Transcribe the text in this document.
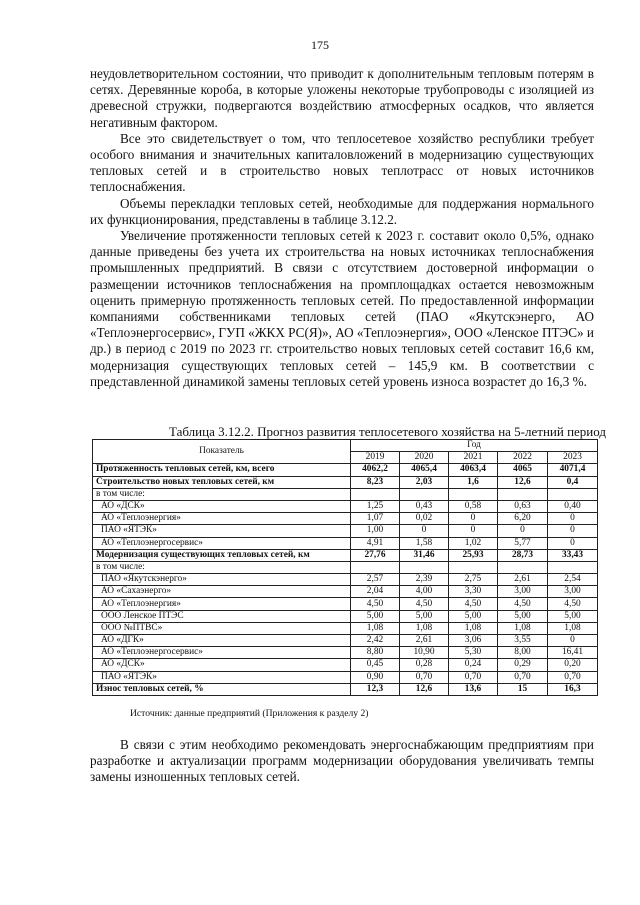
175

неудовлетворительном состоянии, что приводит к дополнительным тепловым потерям в сетях. Деревянные короба, в которые уложены некоторые трубопроводы с изоляцией из древесной стружки, подвергаются воздействию атмосферных осадков, что является негативным фактором.

Все это свидетельствует о том, что теплосетевое хозяйство республики требует особого внимания и значительных капиталовложений в модернизацию существующих тепловых сетей и в строительство новых теплотрасс от новых источников теплоснабжения.

Объемы перекладки тепловых сетей, необходимые для поддержания нормального их функционирования, представлены в таблице 3.12.2.

Увеличение протяженности тепловых сетей к 2023 г. составит около 0,5%, однако данные приведены без учета их строительства на новых источниках теплоснабжения промышленных предприятий. В связи с отсутствием достоверной информации о размещении источников теплоснабжения на промплощадках остается невозможным оценить примерную протяженность тепловых сетей. По предоставленной информации компаниями собственниками тепловых сетей (ПАО «Якутскэнерго, АО «Теплоэнергосервис», ГУП «ЖКХ РС(Я)», АО «Теплоэнергия», ООО «Ленское ПТЭС» и др.) в период с 2019 по 2023 гг. строительство новых тепловых сетей составит 16,6 км, модернизация существующих тепловых сетей – 145,9 км. В соответствии с представленной динамикой замены тепловых сетей уровень износа возрастет до 16,3 %.

Таблица 3.12.2. Прогноз развития теплосетевого хозяйства на 5-летний период
Показатель	Год				
	2019	2020	2021	2022	2023
Протяженность тепловых сетей, км, всего	4062,2	4065,4	4063,4	4065	4071,4
Строительство новых тепловых сетей, км	8,23	2,03	1,6	12,6	0,4
в том числе:					
АО «ДСК»	1,25	0,43	0,58	0,63	0,40
АО «Теплоэнергия»	1,07	0,02	0	6,20	0
ПАО «ЯТЭК»	1,00	0	0	0	0
АО «Теплоэнергосервис»	4,91	1,58	1,02	5,77	0
Модернизация существующих тепловых сетей, км	27,76	31,46	25,93	28,73	33,43
в том числе:					
ПАО «Якутскэнерго»	2,57	2,39	2,75	2,61	2,54
АО «Сахаэнерго»	2,04	4,00	3,30	3,00	3,00
АО «Теплоэнергия»	4,50	4,50	4,50	4,50	4,50
ООО Ленское ПТЭС	5,00	5,00	5,00	5,00	5,00
ООО №ПТВС»	1,08	1,08	1,08	1,08	1,08
АО «ДГК»	2,42	2,61	3,06	3,55	0
АО «Теплоэнергосервис»	8,80	10,90	5,30	8,00	16,41
АО «ДСК»	0,45	0,28	0,24	0,29	0,20
ПАО «ЯТЭК»	0,90	0,70	0,70	0,70	0,70
Износ тепловых сетей, %	12,3	12,6	13,6	15	16,3
Источник: данные предприятий (Приложения к разделу 2)

В связи с этим необходимо рекомендовать энергоснабжающим предприятиям при разработке и актуализации программ модернизации оборудования увеличивать темпы замены изношенных тепловых сетей.
